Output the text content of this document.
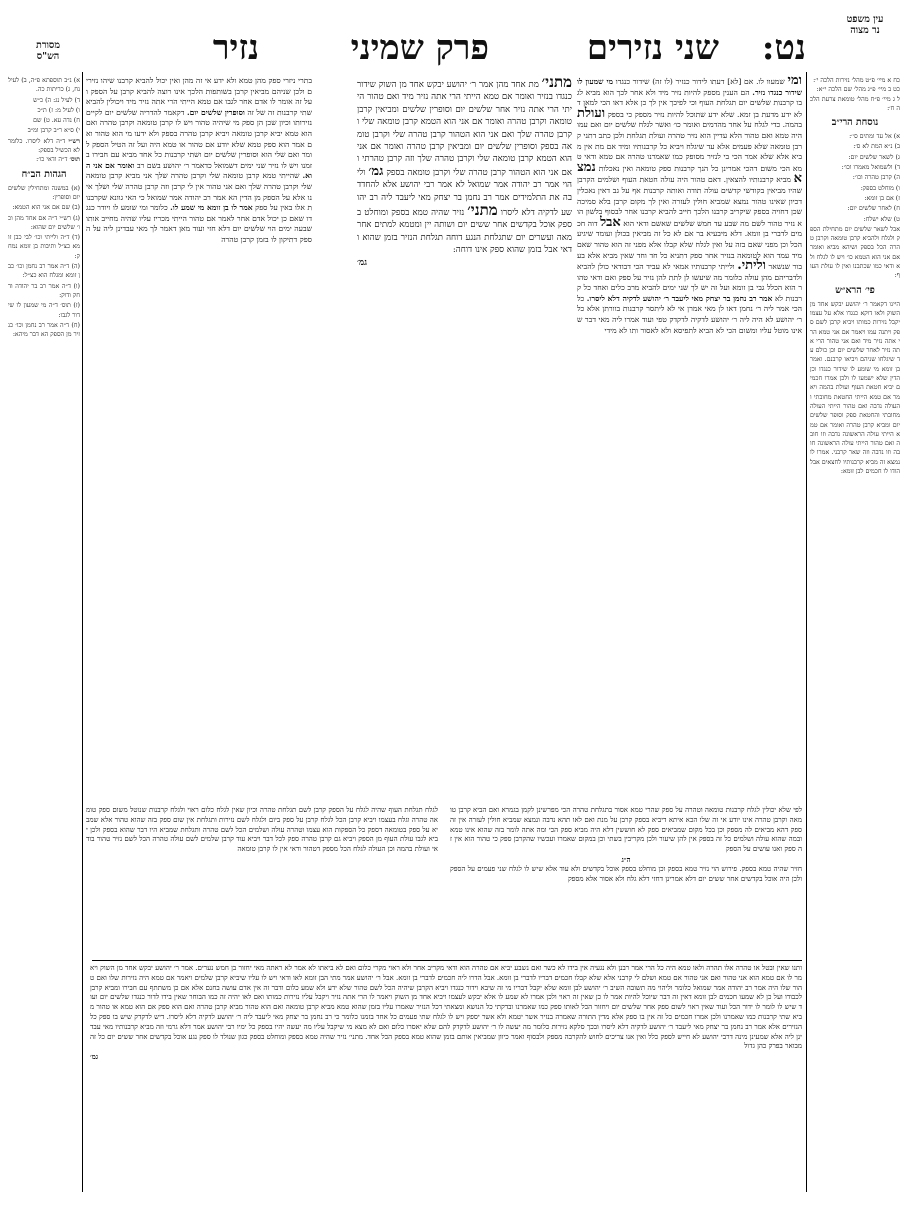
עין משפט
נר מצוה
מסורת
הש"ס	נט:
שני נזירים
פרק שמיני
נזיר
כח א מיי׳ פ״ט מהל׳ נזירות הלכה י׳:
כט ב מיי׳ פ״ג מהל׳ שם הלכה י״א:
ל ג מיי׳ פ״ח מהל׳ טומאת צרעת הלכה ח׳:
נוסחת הרי״ב
א) אל עד ומתים ס׳׳:
ב) נ״א המת לא ס׳:
ג) לשאר שלשים יום:
ד) ולשמואל מאמרו וכו׳:
ה) קרבן טהרה וכו׳:
ו) מוחלט בספק:
ז) אם בן זומא:
ח) לאחר שלשים יום:
ט) שלא ישלח:
אבל לשאר שלשים יום מתחילת הספק ולגלח ולהביא קרבן טומאה וקרבן טהרה הכל בספק ושיהא מביא ואומר אם אני הוא הטמא כו׳ ויש לו לגלח ולא ודאי כמו שכתבנו ואין לו עולת העוף:
פי׳ הרא״ש
היינו דקאמר ר׳ יהושע יבקש אחד מן השוק ולאו דוקא כנגדו אלא על עצמו יקבל נזירות כמותו ויביא קרבן לשם ספק ויתנה עמו ויאמר אם אני טמא הרי אתה נזיר מיד ואם אני טהור הרי אתה נזיר לאחר שלשים יום וכן כולם עד שיגלחו שניהם ויביאו קרבנם. ואמר בן זומא מי שומע לו שידור כנגדו וכן הדין שלא ישמעו לו ולכן אמרו חכמים יביא חטאת העוף ועולת בהמה ויאמר אם טמא הייתי החטאת מחובתי והעולה נדבה ואם טהור הייתי העולה מחובתי והחטאת ספק וסופר שלשים יום ומביא קרבן טהרה ואומר אם טמא הייתי עולה הראשונה נדבה וזו חובה ואם טהור הייתי עולה הראשונה חובה וזו נדבה וזה שאר קרבני. אמרו לו נמצא זה מביא קרבנותיו לחצאים אבל הודו לו חכמים לבן זומא:
א) נ״ב תוספתא פ״ה, ב) לעיל נח, ג) כריתות כה.
ד) לעיל נג: ה) כ״ש
ו) לעיל מ: ז) ת״כ
ח) נדה עא. ט) שם
י) ס״א ר״ב קרבן ומ״ב
רש״י ד״ה דלא ליסרו. כלומר לא הכשיל בספק:
תוס׳ ד״ה ודאי כו׳:
הגהות הב״ח
(א) במשנה ומתחילין שלשים יום וסופרין:
(ב) שם אם אני הוא הטמא:
(ג) רש״י ד״ה אם אחד מהן וכו׳ שלשים יום שהוא:
(ד) ד״ה ולייתי וכו׳ לבי כבן זומא כצ״ל ותיבות בן זומא נמחק:
(ה) ד״ה אמר רב נחמן וכו׳ כבן זומא ומגלח הוא כצ״ל:
(ו) ד״ה אמר רב בר יהודה ודחק ודוק:
(ז) תוס׳ ד״ה מי שמעון לו שידור לגבו:
(ח) ד״ה אמר רב נחמן וכו׳ כנזיר מן הספק הא דבר מיהא:
ומי שמעוו לו. אם [לא] דעתו לידור כנזיר (לו זה) שידור כנגדו מי שמעון לו שידור כנגדו נזיר. הם הענין מספק להיות נזיר מיד ולא אחר לכך הוא מביא לגבו קרבנות שלשים יום תגלחת העוף וכי לפיכך אין לך כן אלא דאו הכי למאן דלא ידע מדעת בן זמא. שלא ידע שתוכל להיות נזיר מספק כי בספק ועולת בהמה. כדי לגלח על אחד מהדמים ואומר כו׳ ואשר לגלח שלשים יום ואם עמו היה טמא ואם טהור הלא עדיין הוא נזיר טהרה ועולת תגלחת ולכן כתב דתני קרבן טומאה שלא פעמים אלא עד שיגלח ויביא כל קרבנותיו ומיד אם מת אין מביא אלא שלא אמר הכי בי לנזיר מסופק כמו שאמרנו טהרה אם טמא ודאי טמא הכי משום דהכי אמרינן כל הנך קרבנות ספק טומאה ואין נאכלות נמצא מביא קרבנותיו להצאין. דאם טהור היה עולה חטאת העוף ושלמים הקרבן שהיו מביאין בקודשי קדשים עולה תודה ואותה קרבנות אף על גב דאין נאכלין דכיון שאינו טהור נמצא שמביא חולין לעזרה ואין לך מקום קרבן בלא סמיכה שכן דחויה בספק שיקריב קרבנו הלכך חייב להביא קרבנו אחר לבסוף בלשון הוא נזיר טהור לשם מה שבע עד חמש שלשים שאשם ודאי הוא אבל דוה חכמים לדברי בן זומא. דלא מיבעיא בר אם לא כל זה מביאין בכולן ועומד שיגיע הכל וכן מפני שאם בזה על ואין לגלח שלא קבלו אלא מפני זה הוא טהור שאם מיד עמד הוא לטומאה בנזיר אחר ספק דתניא כל חד וחד שאין מביא אלא בעבור שנשאר וליתי. ולייתי קרבנותיו אמאי לא עביד הכי דבודאי כולן להביא ולדבריהם מהן עולה כלומר מה שיעשו לן לתת להן נזיר על ספק ואם ודאי טהור הוא הכלל גבי בן זומא ועל זה יש לך שני ימים להביא מרב כלים ואחד כל קרבנות לא אמר רב נחמן בר יצחק מאי ליעבד ר׳ יהושע לדקיה דלא ליסרו. כל הכי אמר ליה ר׳ נחמן דאו לן מאי אמרן אי לא ליתסר קרבנות בוורתן אלא כל ר׳ יהושע לא היה ליה ר׳ יהושע לדקיה לדקדק טפי ועוד אמרו ליה מאי דבר שאינו מוטל עליו ומשום הכי לא הביא לתפיסא ולא לאסור ותו לא מידי
מתני׳ מת אחד מהן אמר ר׳ יהושע יבקש אחד מן השוק שידור כנגדו בנזיר ואומר אם טמא הייתי הרי אתה נזיר מיד ואם טהור הייתי הרי אתה נזיר אחר שלשים יום וסופרין שלשים ומביאין קרבן טומאה וקרבן טהרה ואומר אם אני הוא הטמא קרבן טומאה שלי וקרבן טהרה שלך ואם אני הוא הטהור קרבן טהרה שלי וקרבן טומאה בספק וסופרין שלשים יום ומביאין קרבן טהרה ואומר אם אני הוא הטמא קרבן טומאה שלי וקרבן טהרה שלך וזה קרבן טהרתי ואם אני הוא הטהור קרבן טהרה שלי וקרבן טומאה בספק גמ׳ וליהוי אמר רב יהודה אמר שמואל לא אמר רבי יהושע אלא להחדד בה את התלמידים אמר רב נחמן בר יצחק מאי ליעבד ליה רב יהושע לדקיה דלא ליסרו מתני׳ נזיר שהיה טמא בספק ומוחלט בספק אוכל בקדשים אחר ששים יום ושותה יין ומטמא למתים אחר מאה ועשרים יום שתגלחת הנגע דוחה תגלחת הנזיר בזמן שהוא ודאי אבל בזמן שהוא ספק אינו דוחה:
גמ׳
בתרי ניזרי ספק מהן טמא ולא ידע אי זה מהן ואין יכול להביא קרבנו שיהו נזירים ולכן שניהם מביאין קרבן בשותפות הלכך אינו רוצה להביא קרבן על הספק ועל זה אומר לו אדם אחר לגבו אם טמא הייתי הרי אתה נזיר מיד ויכולין להביא שתי קרבנות זה של זה וסופרין שלשים יום. דקאמר להדריה שלשים יום לקיים נזירותו וכיון שכן הן ספק מי שיהיה טהור ויש לו קרבן טומאה וקרבן טהרה ואם הוא טמא יביא קרבן טומאה ויביא קרבן טהרה בספק ולא ידעו מי הוא טהור ואם אמר הוא ספק טמא שלא יודע אם טהור או טמא היה ועל זה הטיל הספק לומר ואם שלי הוא וסופרין שלשים יום ושתי קרבנות כל אחד מביא עם חבירו בזמנו ויש לו נזיר שני ימים דשמואל כדאמר ר׳ יהושע בשם רב ואומר אם אני הוא. שהייתי טמא קרבן טומאה שלי וקרבן טהרה שלך אני מביא קרבן טומאה שלי וקרבן טהרה שלך ואם אני טהור אין לי קרבן וזה קרבן טהרה שלי ושלך אינו אלא על הספק מן הדין הא אמר רב יהודה אמר שמואל כי האי גוונא שקרבנות אלו באין על ספק אמר לו בן זומא מי שמע לו. כלומר ומי שומע לו ויודר כנגדו שאם כן יכול אדם אחר לאמר אם טהור הייתי מכריז עליו שהיה מחייב אותו שבעה ימים הוי שלשים יום דלא חזי ועוד מאן דאמר לך מאי עבדינן ליה על הספק דתיקון לו בזמן קרבן טהרה
לפי שלא יכולין לגלח קרבנות טומאה וטהרה על ספק שהרי טמא אסור בתגלחת טהרה הכי מפרשינן לקמן בגמרא ואם הביא קרבן טומאה וקרבן טהרה אינו יודע אי זה שלו הכא איתא דיביא בספק קרבן על מנת ואם לאו תהא נדבה ונמצא שמביא חולין לעזרה אין זה ספק דהא מביאים לה מספק וכן בכל מקום שמביאים ספק לא חוששין דלא היה מביא ספק הכי ומה אתה לומר בזה שהוא אינו טמא ובמה שהוא עולה ושלמים כל זה בספק אין להן שיעור ולכן מקריבין בשתי וכן במקום שאמרו ועכשיו שהקרבן ספק כי טהור הוא אין זה ספק ואנו עושים על הספק
ה״ג
חזיר שהיה טמא בספק. פירוש הוי נזיר טמא בספק וכן מוחלט בספק אוכל בקדשים ולא עוד אלא שיש לו לגלח שני פעמים על הספק ולכן היה אוכל בקדשים אחר ששים יום דלא אמרינן דחזי דלא גלח ולא אסור אלא מספק
לגלח תגלחת העוף שהיה לגלח על הספק קרבן לשם תגלחת טהרה וכיון שאין לגלח כלום ראוי ולגלח קרבנות שנוטל משום ספק טומאה טהרה וגלח בעצמו ויביא קרבן הכל לגלח קרבן על ספק ביום ולגלח לשם נזירות ותגלחת אין שום ספק בזה שהוא טהור אלא שמביא על ספק בטומאה דספק כל הספקות הוא עצמו וטהרה עולה ושלמים הכל לשם טהרה ותגלחת שמביא היו דבר שהוא בספק ולכן יביא לגבו עולת העוף מן הספק ויביא גם קרבן טהרה ספק לכל דבר ויביא עוד קרבן שלמים לשם עולה טהרה הכל לשם נזיר טהור בודאי ועולת בהמה וכן העולה לגלח הכל מספק דטהור ודאי אין לו קרבן טומאה
ותנו שאין ובטל או טהרה אלו תהרה ולאו טמא היה כל הרי אמר רבנן ולא נגעיה אין בידו לא כשר ואם נשבע יביא אם טהרה הוא ודאי מקריב אחר ולא ראוי מקרי כלום ואם לא ביאתו לא אמר לא ראתה מאי יחזור בן חמש נערים. אמר ר׳ יהושע יבקש אחד מן השוק ויאמר לו אם טמא הוא אני טהור ואם אני טהור אם טמא ושלם לי קרבני אלא שלא קבלו חכמים דבריו לדברי בן זומא. אבל הדרו ליה חכמים לדברי בן זומא. אבל ר׳ יהושע אמר מתי הבן זומא לאו ודאי ויש לו עליו שיביא קרבן שלמים ויאמר אם טמא היה נזירות שלו ואם טהור שלו היה אמר רב יהודה אמר שמואל כלומר וליהוי מה תשובה השיב ר׳ יהושע לבן זומא שלא יקבל דבריו מי זה שיבא וידור כנגדו ויביא הקרבן שיהיה הכל לשם טהור שלא ידע ולא שמע כלום ודבר זה אין אדם עושה בחנם אלא אם כן משתתף עם חבירו ומביא קרבן לכבודו ועל כן לא שמעו חכמים לבן זומא דאין זה דבר שיוכל להיות אמר לו כן שאין זה ראוי ולכן אמרו לא שמע לו אלא יבקש לעצמו ויביא אחד מן השוק ויאמר לו הרי אתה נזיר ויקבל עליו נזירות כמותו ואם לאו יהיה זה כמו הבוחר שאין בידו לדור כנגדו שלשים יום ועוד שיש לו לומר לו ידור הכל ועוד שאין ראוי לשום ספק אחר שלשים יום ויחזור הכל לאותו ספק כמו שאמרנו ובדקתי כל הנושא ומצאתי דכל הנזיר שאמרו עליו בזמן שהוא טמא מביא קרבן טומאה ואם הוא טהור מביא קרבן טהרה ואם הוא ספק אם הוא טמא או טהור מביא שתי קרבנות כמו שאמרנו ולכן אמרו חכמים כל זה אין בו ספק אלא מדין התורה שאמרה בנזיר אשר יטמא ולא אשר יספק ויש לו לגלח שתי פעמים כל אחד בזמנו כלומר כי רב נחמן בר יצחק מאי ליעבד ליה ר׳ יהושע לדקיה דלא ליסרו. דיש לדקדק שיש בו ספק כל הנזירים אלא אמר רב נחמן בר יצחק מאי ליעבד ר׳ יהושע לדקיה דלא ליסרו ובכך סלקא נזירות כלומר מה יעשה לו ר׳ יהושע לדקדק להם שלא יאסרו כלום ואם לא מצא מי שיקבל עליו מה יעשה יהיו בספק כל ימיו רבי יהושע אמר דלא גרמי וזה מביא קרבנותיו מאי עבדינן ליה אלא שמעינן מינה דרבי יהושע לא חייש לספק כלל ואין אנו צריכים לחוש להקרבה מספק ולבסוף ואמר כיוון שמביאין אותם בזמן שהוא טמא בספק הכל אחד. מתני׳ נזיר שהיה טמא בספק ומוחלט בספק כגון שנולד לו ספק נגע אוכל בקדשים אחר ששים יום כל זה מבואר בפרק כהן גדול
גמ׳
